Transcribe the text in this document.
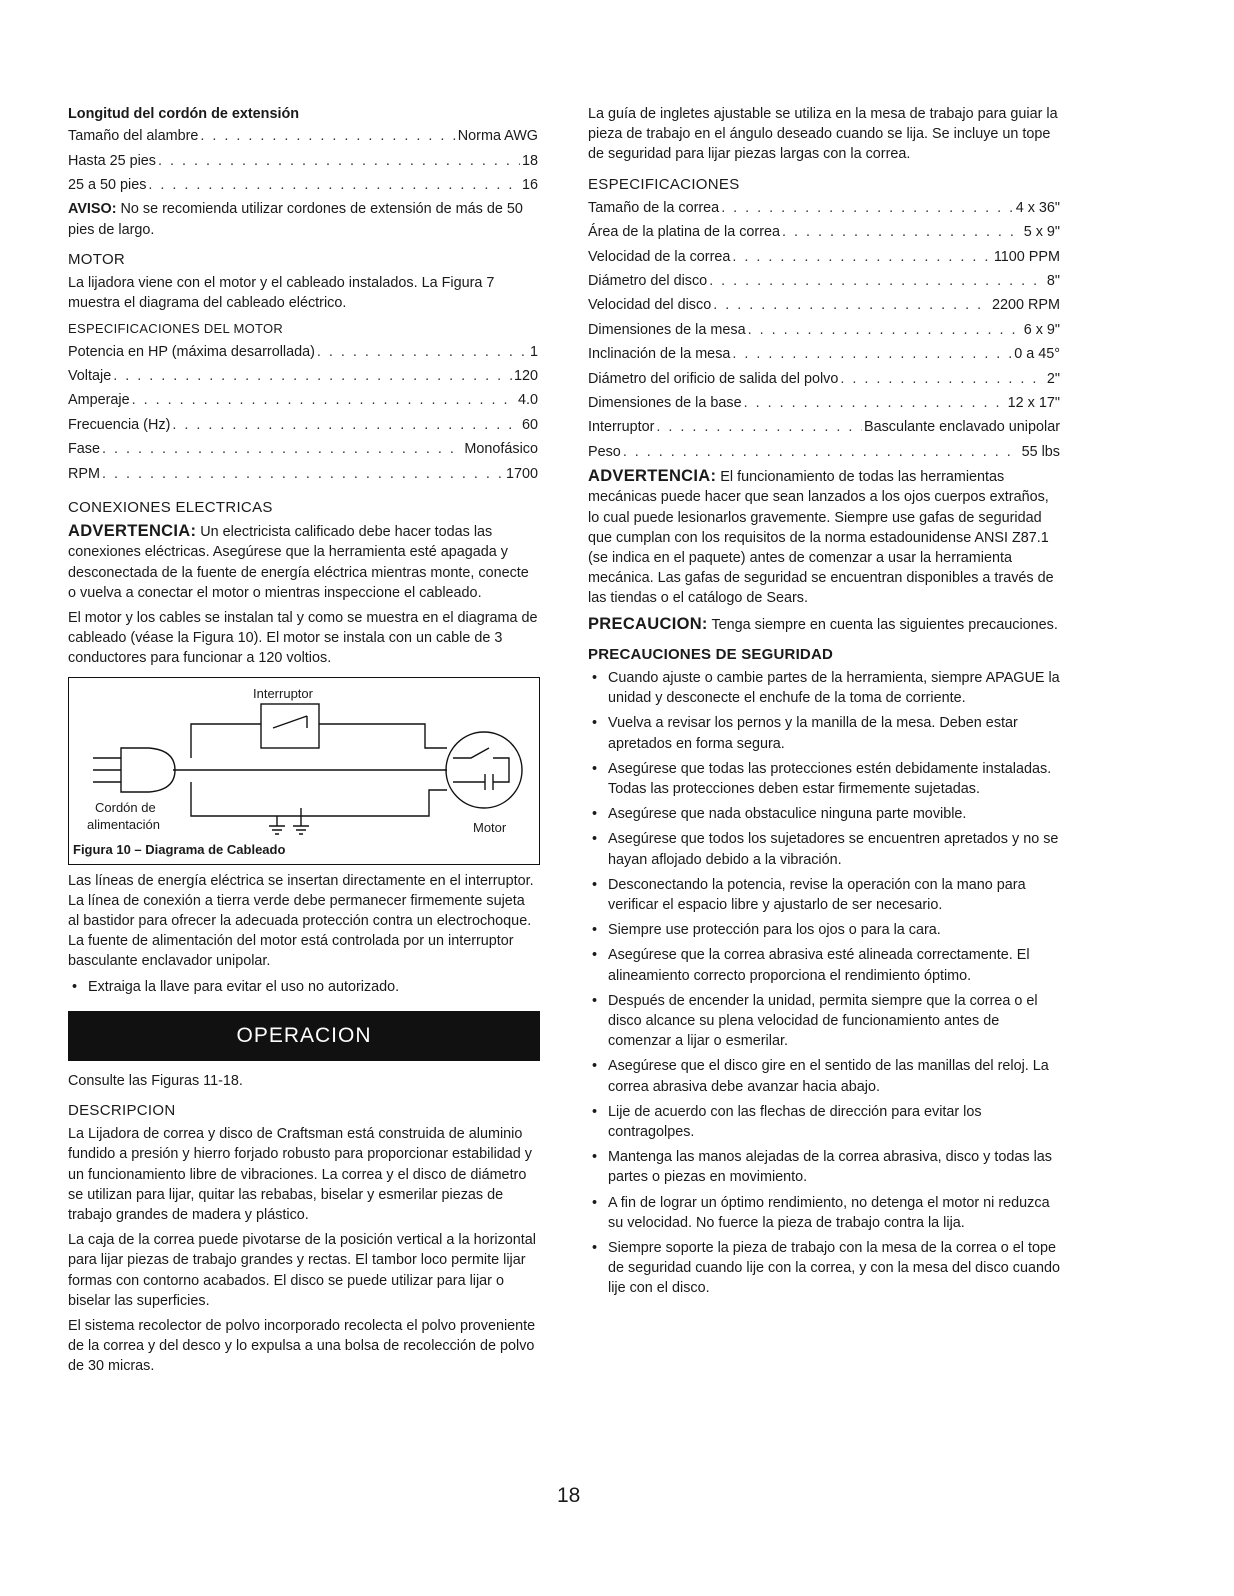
Longitud del cordón de extensión
Tamaño del alambre . . .	Norma AWG
Hasta 25 pies . . .	18
25 a 50 pies . . .	16

AVISO: No se recomienda utilizar cordones de extensión de más de 50 pies de largo.

MOTOR

La lijadora viene con el motor y el cableado instalados. La Figura 7 muestra el diagrama del cableado eléctrico.

ESPECIFICACIONES DEL MOTOR
Potencia en HP (máxima desarrollada) . . .	1
Voltaje . . .	120
Amperaje . . .	4.0
Frecuencia (Hz) . . .	60
Fase . . .	Monofásico
RPM . . .	1700
CONEXIONES ELECTRICAS

ADVERTENCIA: Un electricista calificado debe hacer todas las conexiones eléctricas. Asegúrese que la herramienta esté apagada y desconectada de la fuente de energía eléctrica mientras monte, conecte o vuelva a conectar el motor o mientras inspeccione el cableado.

El motor y los cables se instalan tal y como se muestra en el diagrama de cableado (véase la Figura 10). El motor se instala con un cable de 3 conductores para funcionar a 120 voltios.

Interruptor
Cordón de
alimentación	Motor
Figura 10 – Diagrama de Cableado

Las líneas de energía eléctrica se insertan directamente en el interruptor. La línea de conexión a tierra verde debe permanecer firmemente sujeta al bastidor para ofrecer la adecuada protección contra un electrochoque. La fuente de alimentación del motor está controlada por un interruptor basculante enclavador unipolar.

• Extraiga la llave para evitar el uso no autorizado.
OPERACION

Consulte las Figuras 11-18.

DESCRIPCION

La Lijadora de correa y disco de Craftsman está construida de aluminio fundido a presión y hierro forjado robusto para proporcionar estabilidad y un funcionamiento libre de vibraciones. La correa y el disco de diámetro se utilizan para lijar, quitar las rebabas, biselar y esmerilar piezas de trabajo grandes de madera y plástico.

La caja de la correa puede pivotarse de la posición vertical a la horizontal para lijar piezas de trabajo grandes y rectas. El tambor loco permite lijar formas con contorno acabados. El disco se puede utilizar para lijar o biselar las superficies.

El sistema recolector de polvo incorporado recolecta el polvo proveniente de la correa y del desco y lo expulsa a una bolsa de recolección de polvo de 30 micras.

La guía de ingletes ajustable se utiliza en la mesa de trabajo para guiar la pieza de trabajo en el ángulo deseado cuando se lija. Se incluye un tope de seguridad para lijar piezas largas con la correa.

ESPECIFICACIONES
Tamaño de la correa . . .	4 x 36"
Área de la platina de la correa . . .	5 x 9"
Velocidad de la correa . . .	1100 PPM
Diámetro del disco . . .	8"
Velocidad del disco . . .	2200 RPM
Dimensiones de la mesa . . .	6 x 9"
Inclinación de la mesa . . .	0 a 45°
Diámetro del orificio de salida del polvo . . .	2"
Dimensiones de la base . . .	12 x 17"
Interruptor . . .	Basculante enclavado unipolar
Peso . . .	55 lbs

ADVERTENCIA: El funcionamiento de todas las herramientas mecánicas puede hacer que sean lanzados a los ojos cuerpos extraños, lo cual puede lesionarlos gravemente. Siempre use gafas de seguridad que cumplan con los requisitos de la norma estadounidense ANSI Z87.1 (se indica en el paquete) antes de comenzar a usar la herramienta mecánica. Las gafas de seguridad se encuentran disponibles a través de las tiendas o el catálogo de Sears.

PRECAUCION: Tenga siempre en cuenta las siguientes precauciones.

PRECAUCIONES DE SEGURIDAD
• Cuando ajuste o cambie partes de la herramienta, siempre APAGUE la unidad y desconecte el enchufe de la toma de corriente.
• Vuelva a revisar los pernos y la manilla de la mesa. Deben estar apretados en forma segura.
• Asegúrese que todas las protecciones estén debidamente instaladas. Todas las protecciones deben estar firmemente sujetadas.
• Asegúrese que nada obstaculice ninguna parte movible.
• Asegúrese que todos los sujetadores se encuentren apretados y no se hayan aflojado debido a la vibración.
• Desconectando la potencia, revise la operación con la mano para verificar el espacio libre y ajustarlo de ser necesario.
• Siempre use protección para los ojos o para la cara.
• Asegúrese que la correa abrasiva esté alineada correctamente. El alineamiento correcto proporciona el rendimiento óptimo.
• Después de encender la unidad, permita siempre que la correa o el disco alcance su plena velocidad de funcionamiento antes de comenzar a lijar o esmerilar.
• Asegúrese que el disco gire en el sentido de las manillas del reloj. La correa abrasiva debe avanzar hacia abajo.
• Lije de acuerdo con las flechas de dirección para evitar los contragolpes.
• Mantenga las manos alejadas de la correa abrasiva, disco y todas las partes o piezas en movimiento.
• A fin de lograr un óptimo rendimiento, no detenga el motor ni reduzca su velocidad. No fuerce la pieza de trabajo contra la lija.
• Siempre soporte la pieza de trabajo con la mesa de la correa o el tope de seguridad cuando lije con la correa, y con la mesa del disco cuando lije con el disco.
18
